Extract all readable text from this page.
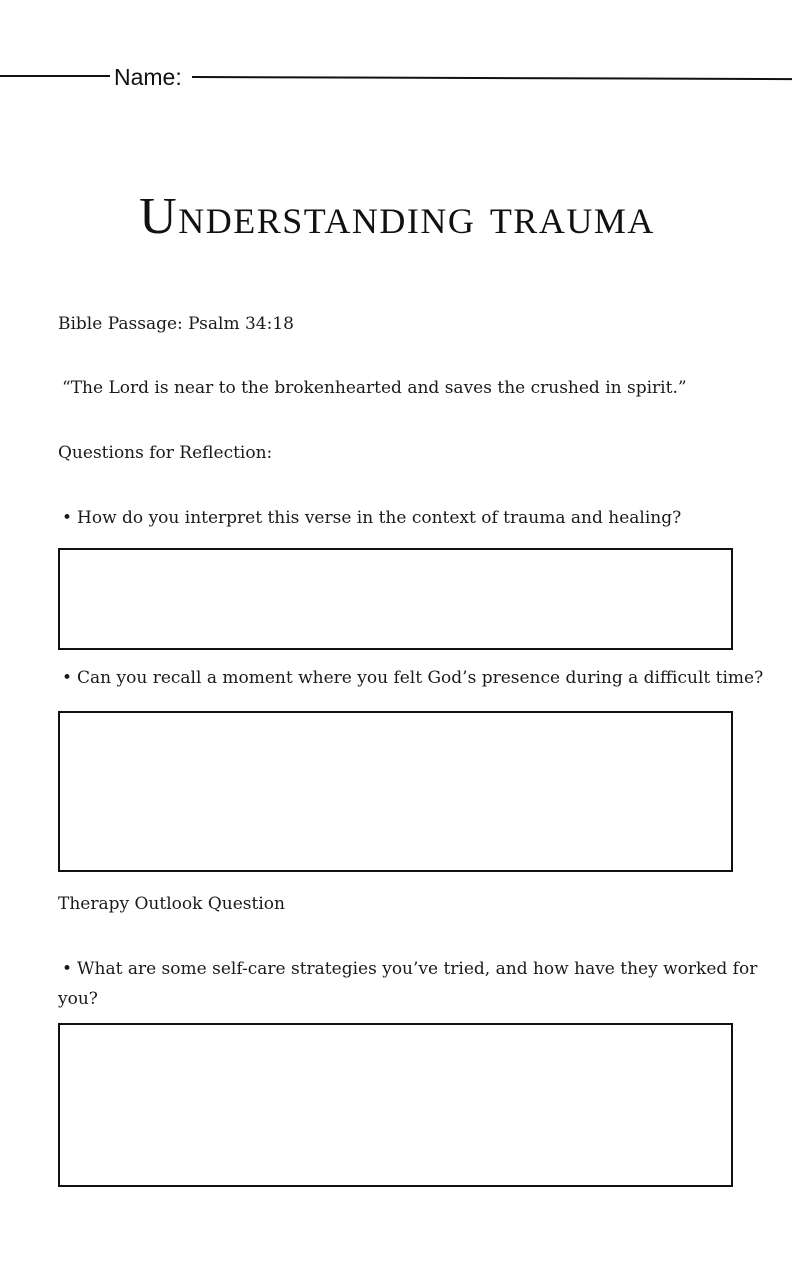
Name:
Understanding trauma
Bible Passage: Psalm 34:18
“The Lord is near to the brokenhearted and saves the crushed in spirit.”
Questions for Reflection:
• How do you interpret this verse in the context of trauma and healing?
• Can you recall a moment where you felt God’s presence during a difficult time?
Therapy Outlook Question
• What are some self-care strategies you’ve tried, and how have they worked for you?
